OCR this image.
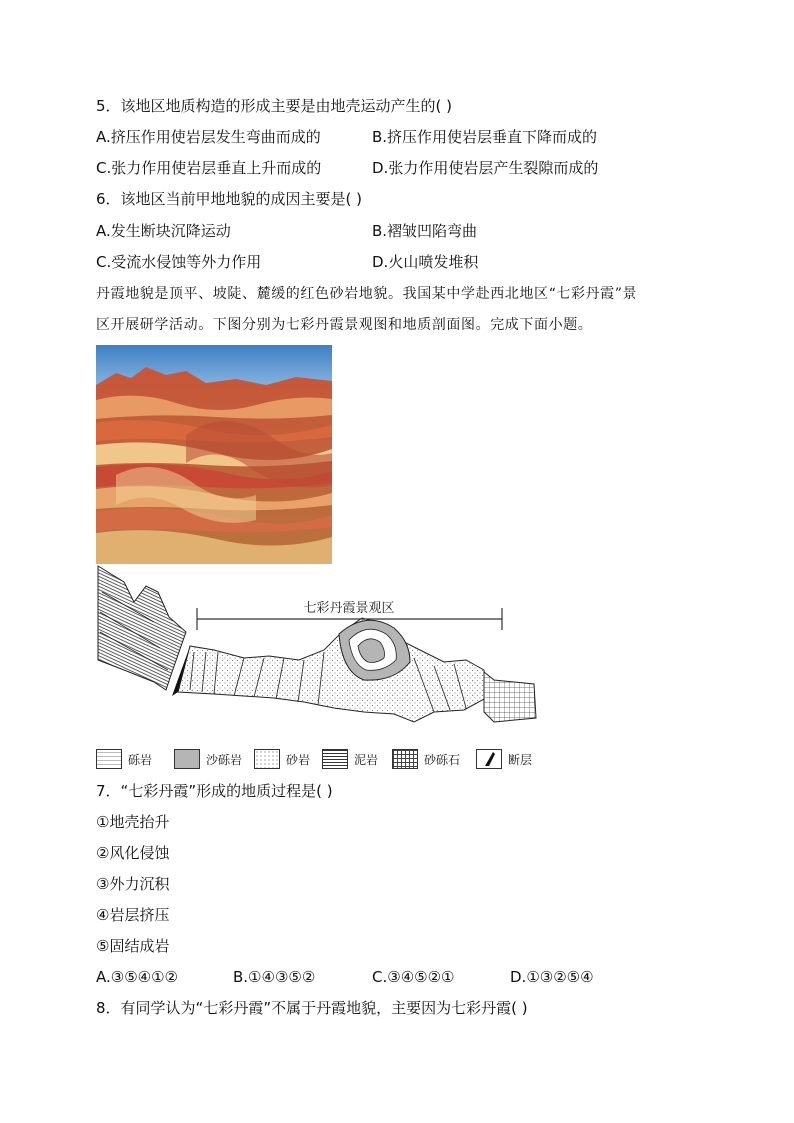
5．该地区地质构造的形成主要是由地壳运动产生的( )
A.挤压作用使岩层发生弯曲而成的	B.挤压作用使岩层垂直下降而成的
C.张力作用使岩层垂直上升而成的	D.张力作用使岩层产生裂隙而成的
6．该地区当前甲地地貌的成因主要是( )
A.发生断块沉降运动	B.褶皱凹陷弯曲
C.受流水侵蚀等外力作用	D.火山喷发堆积
丹霞地貌是顶平、坡陡、麓缓的红色砂岩地貌。我国某中学赴西北地区“七彩丹霞”景
区开展研学活动。下图分别为七彩丹霞景观图和地质剖面图。完成下面小题。
七彩丹霞景观区
砾岩	沙砾岩	砂岩	泥岩	砂砾石	断层
7．“七彩丹霞”形成的地质过程是( )
①地壳抬升
②风化侵蚀
③外力沉积
④岩层挤压
⑤固结成岩
A.③⑤④①②	B.①④③⑤②	C.③④⑤②①	D.①③②⑤④
8．有同学认为“七彩丹霞”不属于丹霞地貌，主要因为七彩丹霞( )
